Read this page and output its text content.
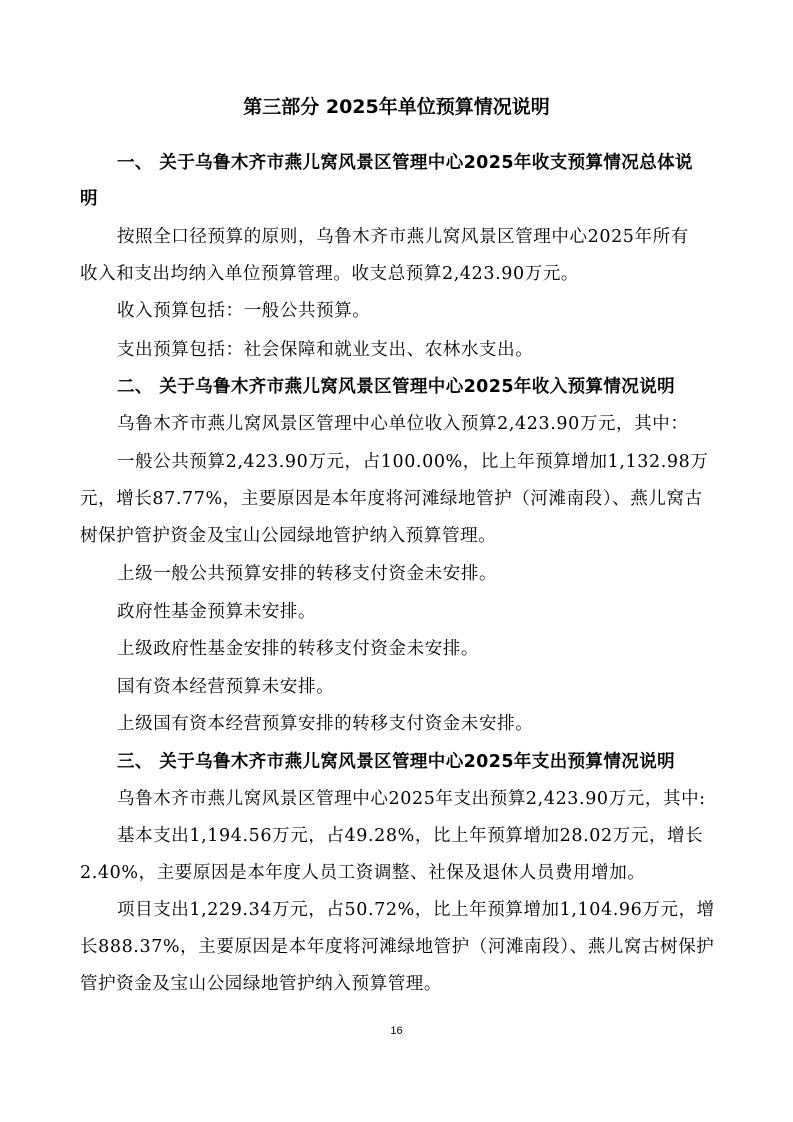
第三部分 2025年单位预算情况说明

一、 关于乌鲁木齐市燕儿窝风景区管理中心2025年收支预算情况总体说

明

按照全口径预算的原则，乌鲁木齐市燕儿窝风景区管理中心2025年所有

收入和支出均纳入单位预算管理。收支总预算2,423.90万元。

收入预算包括：一般公共预算。

支出预算包括：社会保障和就业支出、农林水支出。

二、 关于乌鲁木齐市燕儿窝风景区管理中心2025年收入预算情况说明

乌鲁木齐市燕儿窝风景区管理中心单位收入预算2,423.90万元，其中：

一般公共预算2,423.90万元，占100.00%，比上年预算增加1,132.98万

元，增长87.77%，主要原因是本年度将河滩绿地管护（河滩南段）、燕儿窝古

树保护管护资金及宝山公园绿地管护纳入预算管理。

上级一般公共预算安排的转移支付资金未安排。

政府性基金预算未安排。

上级政府性基金安排的转移支付资金未安排。

国有资本经营预算未安排。

上级国有资本经营预算安排的转移支付资金未安排。

三、 关于乌鲁木齐市燕儿窝风景区管理中心2025年支出预算情况说明

乌鲁木齐市燕儿窝风景区管理中心2025年支出预算2,423.90万元，其中:

基本支出1,194.56万元，占49.28%，比上年预算增加28.02万元，增长

2.40%，主要原因是本年度人员工资调整、社保及退休人员费用增加。

项目支出1,229.34万元，占50.72%，比上年预算增加1,104.96万元，增

长888.37%，主要原因是本年度将河滩绿地管护（河滩南段）、燕儿窝古树保护

管护资金及宝山公园绿地管护纳入预算管理。

16
